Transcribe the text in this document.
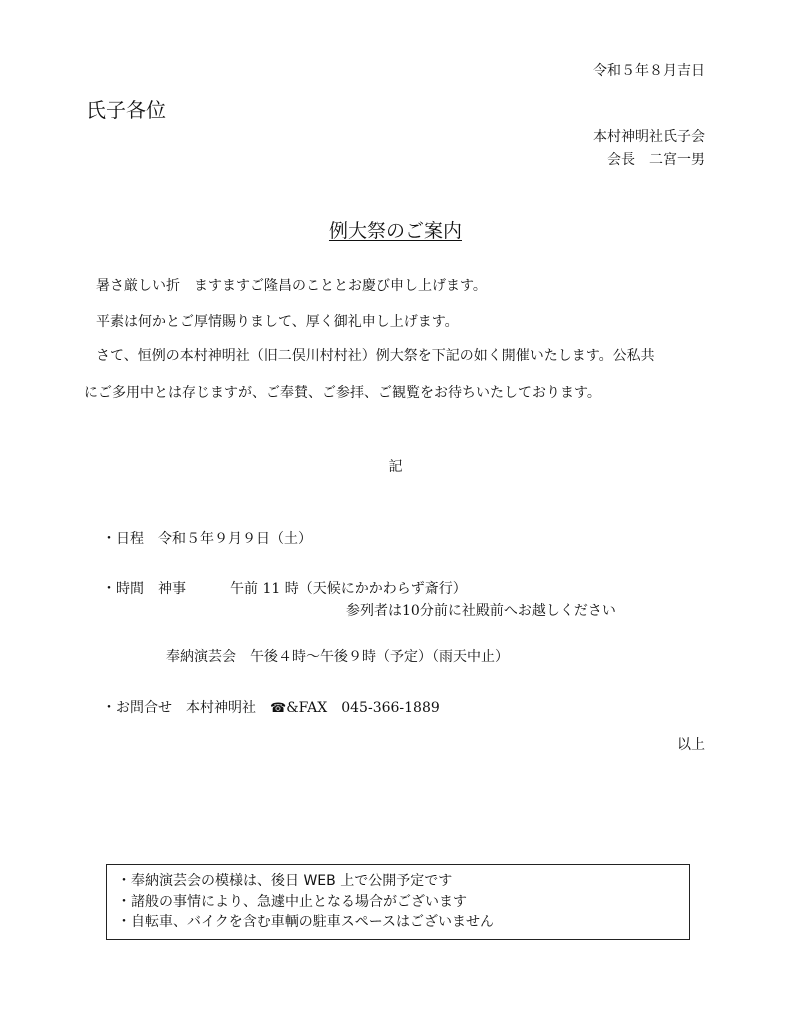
令和５年８月吉日
氏子各位
本村神明社氏子会
会長　二宮一男
例大祭のご案内
暑さ厳しい折　ますますご隆昌のこととお慶び申し上げます。
平素は何かとご厚情賜りまして、厚く御礼申し上げます。
さて、恒例の本村神明社（旧二俣川村村社）例大祭を下記の如く開催いたします。公私共
にご多用中とは存じますが、ご奉賛、ご参拝、ご観覧をお待ちいたしております。
記
・日程　令和５年９月９日（土）
・時間　神事	午前 11 時（天候にかかわらず斎行）
参列者は10分前に社殿前へお越しください
奉納演芸会　午後４時～午後９時（予定）（雨天中止）
・お問合せ　本村神明社　☎&FAX　045-366-1889
以上
・奉納演芸会の模様は、後日 WEB 上で公開予定です
・諸般の事情により、急遽中止となる場合がございます
・自転車、バイクを含む車輌の駐車スペースはございません
